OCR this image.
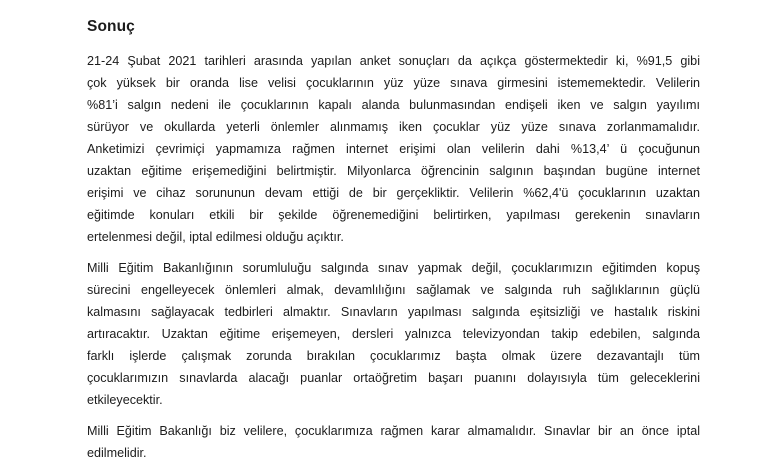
Sonuç
21-24 Şubat 2021 tarihleri arasında yapılan anket sonuçları da açıkça göstermektedir ki, %91,5 gibi
çok yüksek bir oranda lise velisi çocuklarının yüz yüze sınava girmesini istememektedir. Velilerin
%81’i salgın nedeni ile çocuklarının kapalı alanda bulunmasından endişeli iken ve salgın yayılımı
sürüyor ve okullarda yeterli önlemler alınmamış iken çocuklar yüz yüze sınava zorlanmamalıdır.
Anketimizi çevrimiçi yapmamıza rağmen internet erişimi olan velilerin dahi %13,4’ ü çocuğunun
uzaktan eğitime erişemediğini belirtmiştir. Milyonlarca öğrencinin salgının başından bugüne internet
erişimi ve cihaz sorununun devam ettiği de bir gerçekliktir. Velilerin %62,4'ü çocuklarının uzaktan
eğitimde konuları etkili bir şekilde öğrenemediğini belirtirken, yapılması gerekenin sınavların
ertelenmesi değil, iptal edilmesi olduğu açıktır.
Milli Eğitim Bakanlığının sorumluluğu salgında sınav yapmak değil, çocuklarımızın eğitimden kopuş
sürecini engelleyecek önlemleri almak, devamlılığını sağlamak ve salgında ruh sağlıklarının güçlü
kalmasını sağlayacak tedbirleri almaktır. Sınavların yapılması salgında eşitsizliği ve hastalık riskini
artıracaktır. Uzaktan eğitime erişemeyen, dersleri yalnızca televizyondan takip edebilen, salgında
farklı işlerde çalışmak zorunda bırakılan çocuklarımız başta olmak üzere dezavantajlı tüm
çocuklarımızın sınavlarda alacağı puanlar ortaöğretim başarı puanını dolayısıyla tüm geleceklerini
etkileyecektir.
Milli Eğitim Bakanlığı biz velilere, çocuklarımıza rağmen karar almamalıdır. Sınavlar bir an önce iptal
edilmelidir.
